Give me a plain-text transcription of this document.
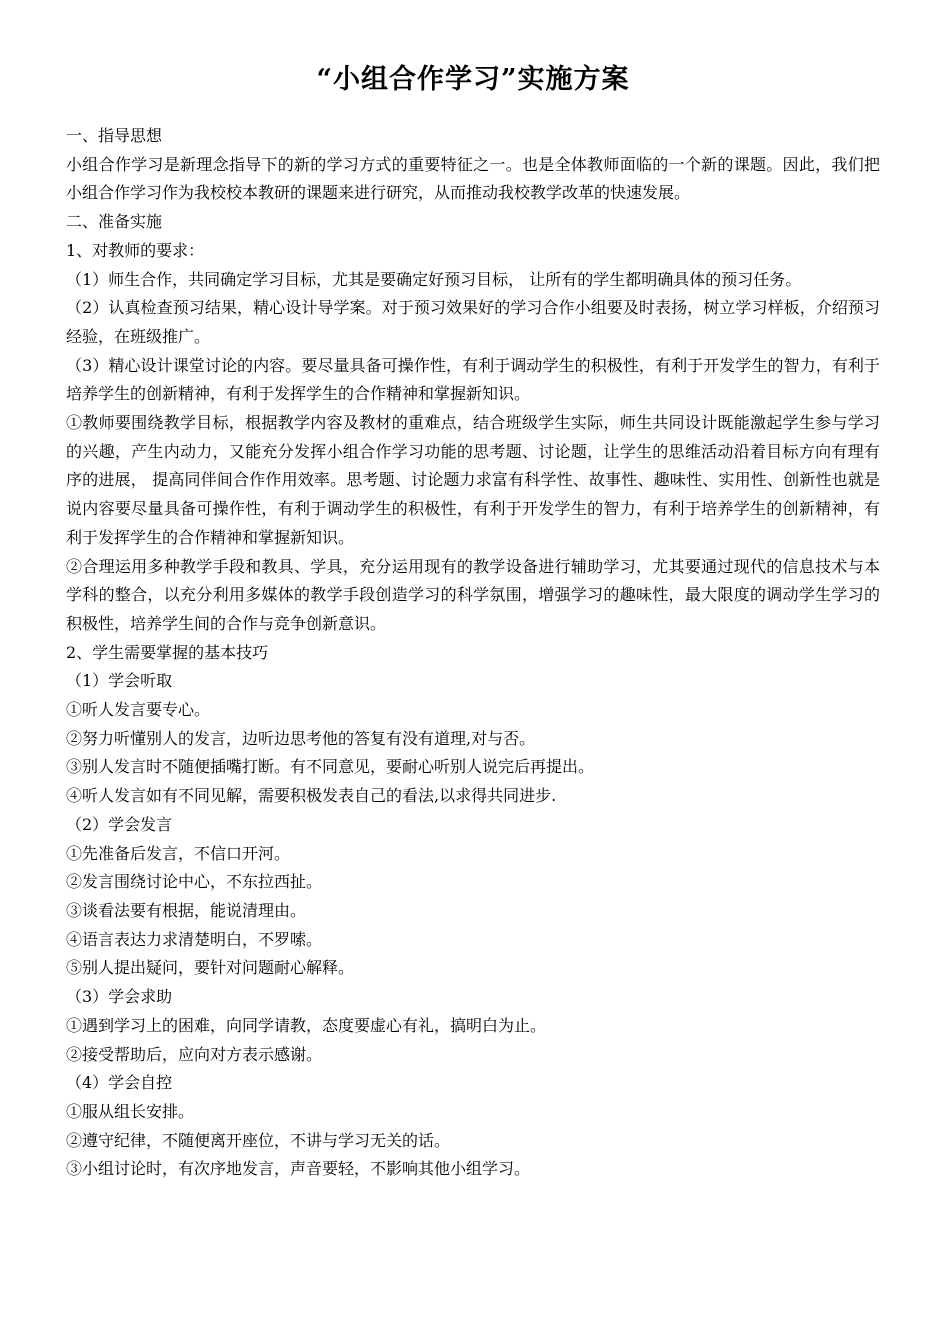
“小组合作学习”实施方案

一、指导思想

小组合作学习是新理念指导下的新的学习方式的重要特征之一。也是全体教师面临的一个新的课题。因此，我们把小组合作学习作为我校校本教研的课题来进行研究，从而推动我校教学改革的快速发展。

二、准备实施

1、对教师的要求：

（1）师生合作，共同确定学习目标，尤其是要确定好预习目标， 让所有的学生都明确具体的预习任务。

（2）认真检查预习结果，精心设计导学案。对于预习效果好的学习合作小组要及时表扬，树立学习样板，介绍预习经验，在班级推广。

（3）精心设计课堂讨论的内容。要尽量具备可操作性，有利于调动学生的积极性，有利于开发学生的智力，有利于培养学生的创新精神，有利于发挥学生的合作精神和掌握新知识。

①教师要围绕教学目标，根据教学内容及教材的重难点，结合班级学生实际，师生共同设计既能激起学生参与学习的兴趣，产生内动力，又能充分发挥小组合作学习功能的思考题、讨论题，让学生的思维活动沿着目标方向有理有序的进展， 提高同伴间合作作用效率。思考题、讨论题力求富有科学性、故事性、趣味性、实用性、创新性也就是说内容要尽量具备可操作性，有利于调动学生的积极性，有利于开发学生的智力，有利于培养学生的创新精神，有利于发挥学生的合作精神和掌握新知识。

②合理运用多种教学手段和教具、学具，充分运用现有的教学设备进行辅助学习，尤其要通过现代的信息技术与本学科的整合，以充分利用多媒体的教学手段创造学习的科学氛围，增强学习的趣味性，最大限度的调动学生学习的积极性，培养学生间的合作与竞争创新意识。

2、学生需要掌握的基本技巧

（1）学会听取

①听人发言要专心。

②努力听懂别人的发言，边听边思考他的答复有没有道理,对与否。

③别人发言时不随便插嘴打断。有不同意见，要耐心听别人说完后再提出。

④听人发言如有不同见解，需要积极发表自己的看法,以求得共同进步.

（2）学会发言

①先准备后发言，不信口开河。

②发言围绕讨论中心，不东拉西扯。

③谈看法要有根据，能说清理由。

④语言表达力求清楚明白，不罗嗦。

⑤别人提出疑问，要针对问题耐心解释。

（3）学会求助

①遇到学习上的困难，向同学请教，态度要虚心有礼，搞明白为止。

②接受帮助后，应向对方表示感谢。

（4）学会自控

①服从组长安排。

②遵守纪律，不随便离开座位，不讲与学习无关的话。

③小组讨论时，有次序地发言，声音要轻，不影响其他小组学习。
